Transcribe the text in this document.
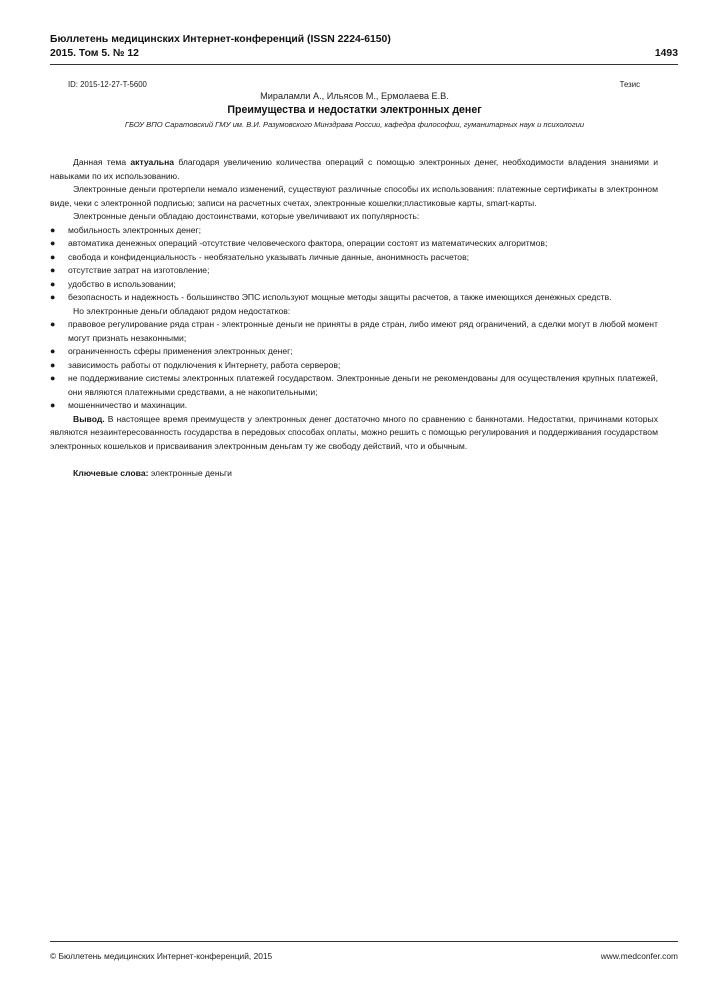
Бюллетень медицинских Интернет-конференций (ISSN 2224-6150)
2015. Том 5. № 12	1493
ID: 2015-12-27-T-5600	Тезис
Мираламли А., Ильясов М., Ермолаева Е.В.
Преимущества и недостатки электронных денег
ГБОУ ВПО Саратовский ГМУ им. В.И. Разумовского Минздрава России, кафедра философии, гуманитарных наук и психологии

Данная тема актуальна благодаря увеличению количества операций с помощью электронных денег, необходимости владения знаниями и навыками по их использованию.

Электронные деньги протерпели немало изменений, существуют различные способы их использования: платежные сертификаты в электронном виде, чеки с электронной подписью; записи на расчетных счетах, электронные кошелки;пластиковые карты, smart-карты.

Электронные деньги обладаю достоинствами, которые увеличивают их популярность:

● мобильность электронных денег;
● автоматика денежных операций -отсутствие человеческого фактора, операции состоят из математических алгоритмов;
● свобода и конфиденциальность - необязательно указывать личные данные, анонимность расчетов;
● отсутствие затрат на изготовление;
● удобство в использовании;
● безопасность и надежность - большинство ЭПС используют мощные методы защиты расчетов, а также имеющихся денежных средств.

Но электронные деньги обладают рядом недостатков:

● правовое регулирование ряда стран - электронные деньги не приняты в ряде стран, либо имеют ряд ограничений, а сделки могут в любой момент могут признать незаконными;
● ограниченность сферы применения электронных денег;
● зависимость работы от подключения к Интернету, работа серверов;
● не поддерживание системы электронных платежей государством. Электронные деньги не рекомендованы для осуществления крупных платежей, они являются платежными средствами, а не накопительными;
● мошенничество и махинации.

Вывод. В настоящее время преимуществ у электронных денег достаточно много по сравнению с банкнотами. Недостатки, причинами которых являются незаинтересованность государства в передовых способах оплаты, можно решить с помощью регулирования и поддерживания государством электронных кошельков и присваивания электронным деньгам ту же свободу действий, что и обычным.

Ключевые слова: электронные деньги

© Бюллетень медицинских Интернет-конференций, 2015	www.medconfer.com
